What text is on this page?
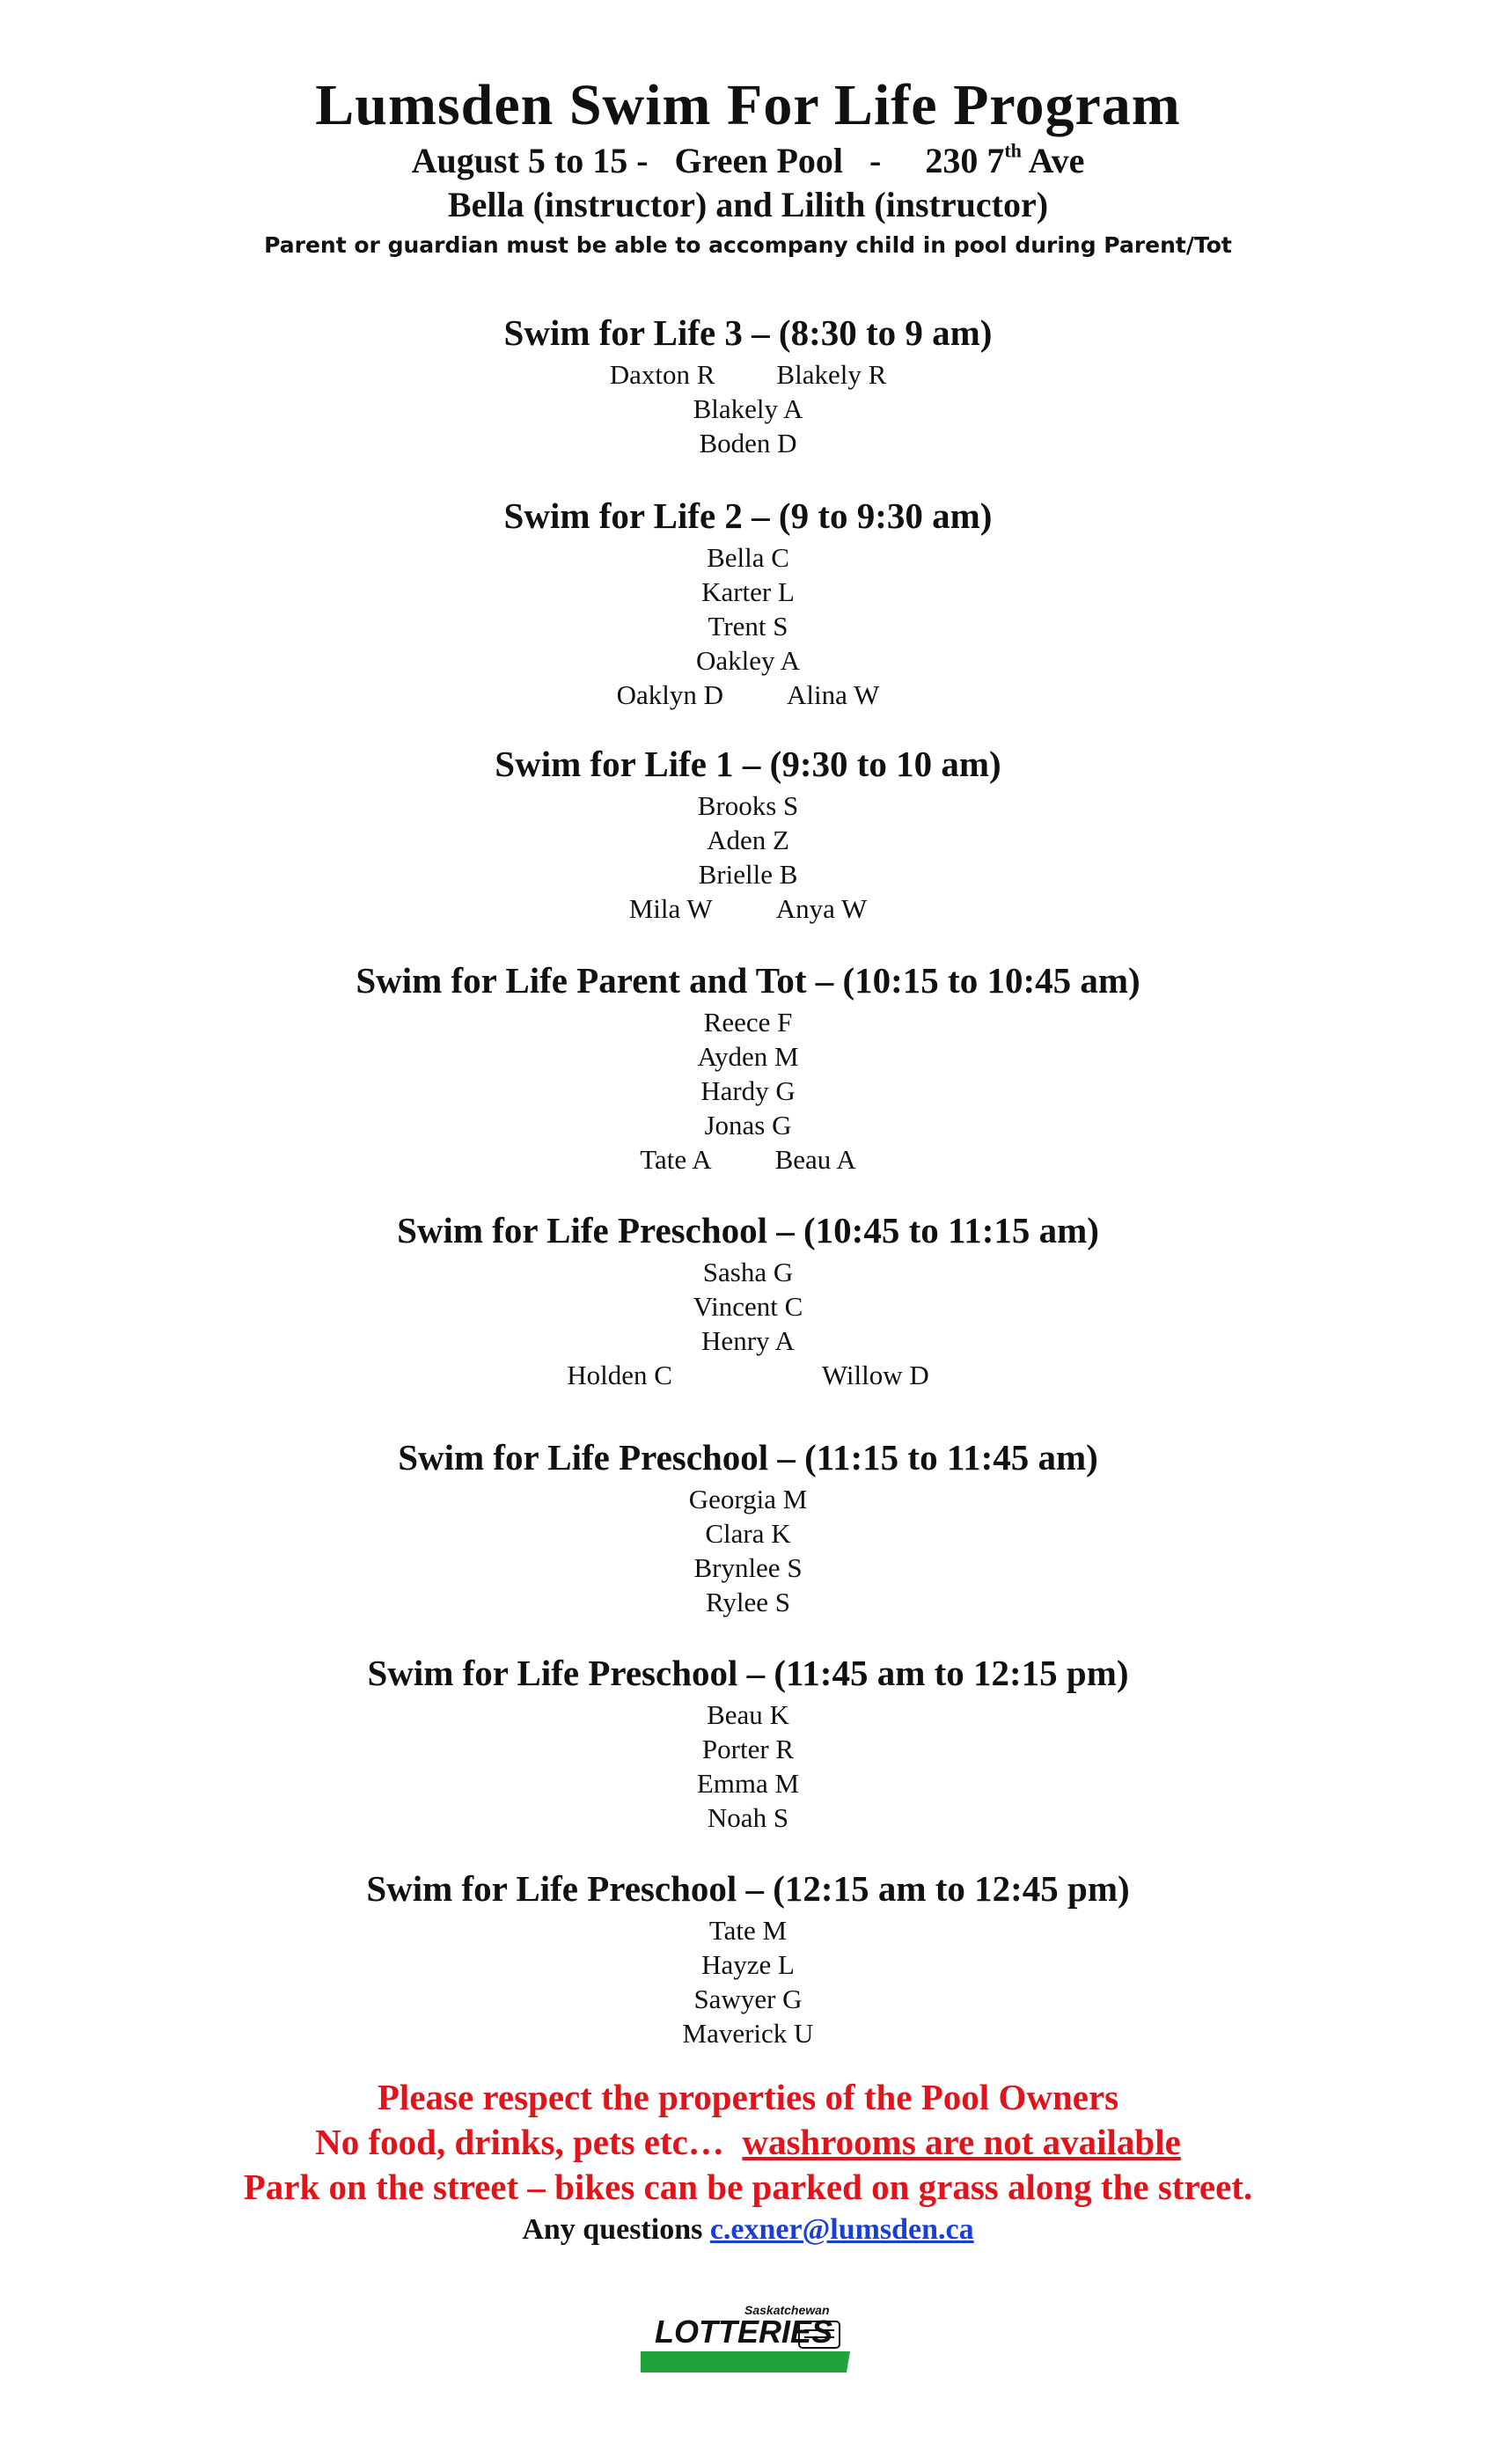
Lumsden Swim For Life Program
August 5 to 15 -   Green Pool   -     230 7th Ave
Bella (instructor) and Lilith (instructor)
Parent or guardian must be able to accompany child in pool during Parent/Tot
Swim for Life 3 – (8:30 to 9 am)
Daxton R Blakely R
Blakely A
Boden D
Swim for Life 2 – (9 to 9:30 am)
Bella C
Karter L
Trent S
Oakley A
Oaklyn D Alina W
Swim for Life 1 – (9:30 to 10 am)
Brooks S
Aden Z
Brielle B
Mila W Anya W
Swim for Life Parent and Tot – (10:15 to 10:45 am)
Reece F
Ayden M
Hardy G
Jonas G
Tate A Beau A
Swim for Life Preschool – (10:45 to 11:15 am)
Sasha G
Vincent C
Henry A
Holden C	Willow D
Swim for Life Preschool – (11:15 to 11:45 am)
Georgia M
Clara K
Brynlee S
Rylee S
Swim for Life Preschool – (11:45 am to 12:15 pm)
Beau K
Porter R
Emma M
Noah S
Swim for Life Preschool – (12:15 am to 12:45 pm)
Tate M
Hayze L
Sawyer G
Maverick U
Please respect the properties of the Pool Owners
No food, drinks, pets etc…  washrooms are not available
Park on the street – bikes can be parked on grass along the street.
Any questions c.exner@lumsden.ca
Saskatchewan
LOTTERIES
